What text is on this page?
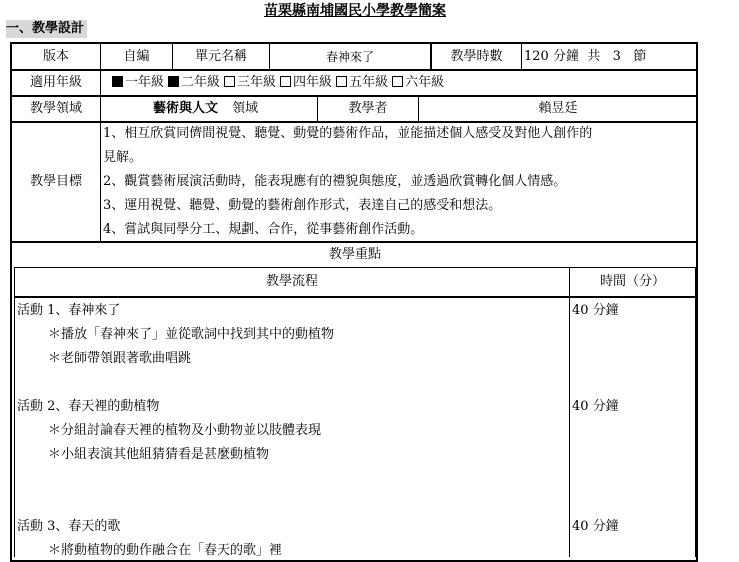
苗栗縣南埔國民小學教學簡案
一、教學設計
版本	自編	單元名稱	春神來了	教學時數	120 分鐘  共   3   節
適用年級	一年級 二年級 三年級 四年級 五年級 六年級
教學領域	藝術與人文 領域	教學者	賴昱廷
教學目標
1、相互欣賞同儕間視覺、聽覺、動覺的藝術作品，並能描述個人感受及對他人創作的
見解。
2、觀賞藝術展演活動時，能表現應有的禮貌與態度，並透過欣賞轉化個人情感。
3、運用視覺、聽覺、動覺的藝術創作形式，表達自己的感受和想法。
4、嘗試與同學分工、規劃、合作，從事藝術創作活動。
教學重點
教學流程	時間（分）
活動 1、春神來了	40 分鐘
＊播放「春神來了」並從歌詞中找到其中的動植物
＊老師帶領跟著歌曲唱跳
活動 2、春天裡的動植物	40 分鐘
＊分組討論春天裡的植物及小動物並以肢體表現
＊小組表演其他組猜猜看是甚麼動植物
活動 3、春天的歌	40 分鐘
＊將動植物的動作融合在「春天的歌」裡
